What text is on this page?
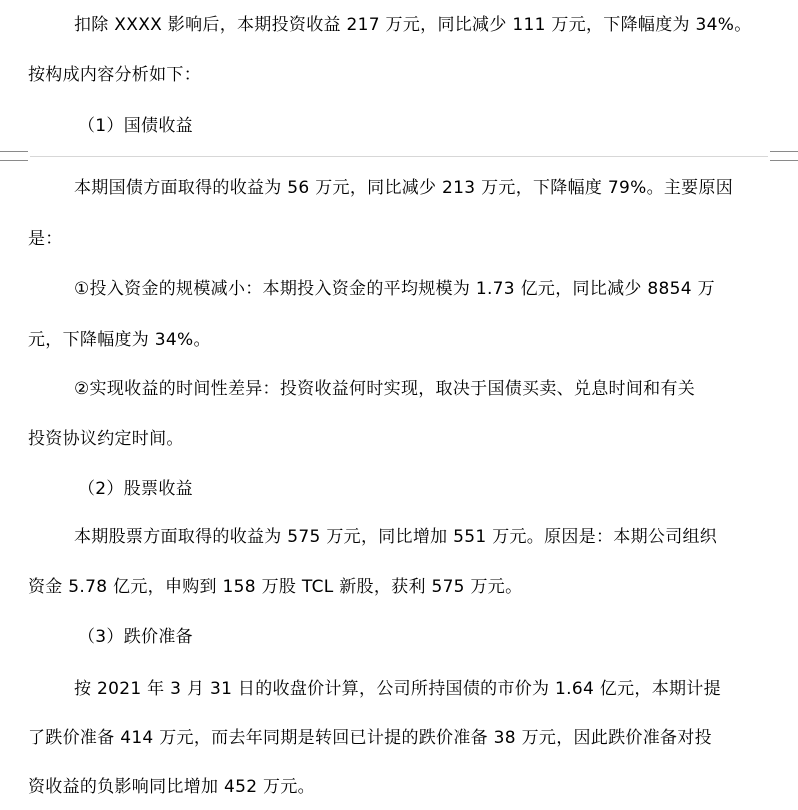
扣除 XXXX 影响后，本期投资收益 217 万元，同比减少 111 万元，下降幅度为 34%。
按构成内容分析如下：
（1）国债收益
本期国债方面取得的收益为 56 万元，同比减少 213 万元，下降幅度 79%。主要原因
是：
①投入资金的规模减小：本期投入资金的平均规模为 1.73 亿元，同比减少 8854 万
元，下降幅度为 34%。
②实现收益的时间性差异：投资收益何时实现，取决于国债买卖、兑息时间和有关
投资协议约定时间。
（2）股票收益
本期股票方面取得的收益为 575 万元，同比增加 551 万元。原因是：本期公司组织
资金 5.78 亿元，申购到 158 万股 TCL 新股，获利 575 万元。
（3）跌价准备
按 2021 年 3 月 31 日的收盘价计算，公司所持国债的市价为 1.64 亿元，本期计提
了跌价准备 414 万元，而去年同期是转回已计提的跌价准备 38 万元，因此跌价准备对投
资收益的负影响同比增加 452 万元。
